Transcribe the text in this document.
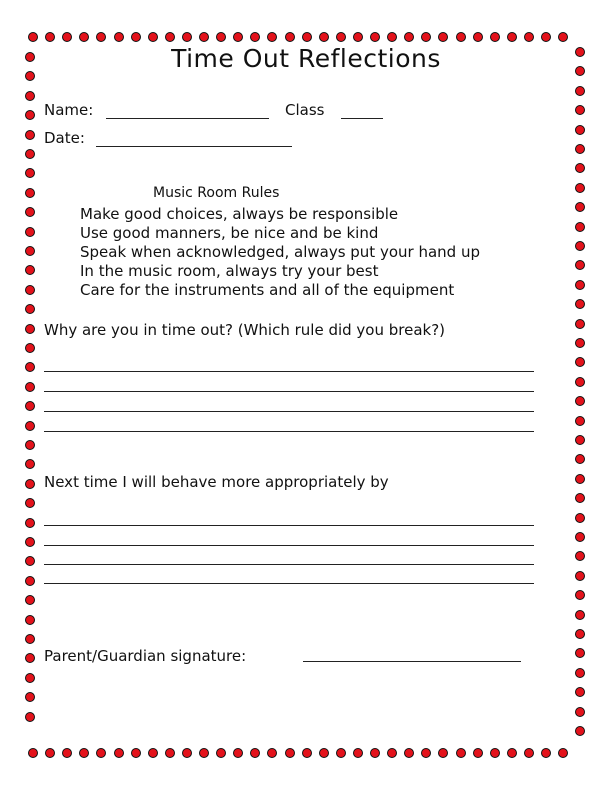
Time Out Reflections
Name:	Class
Date:
Music Room Rules
Make good choices, always be responsible
Use good manners, be nice and be kind
Speak when acknowledged, always put your hand up
In the music room, always try your best
Care for the instruments and all of the equipment
Why are you in time out? (Which rule did you break?)
Next time I will behave more appropriately by
Parent/Guardian signature:
